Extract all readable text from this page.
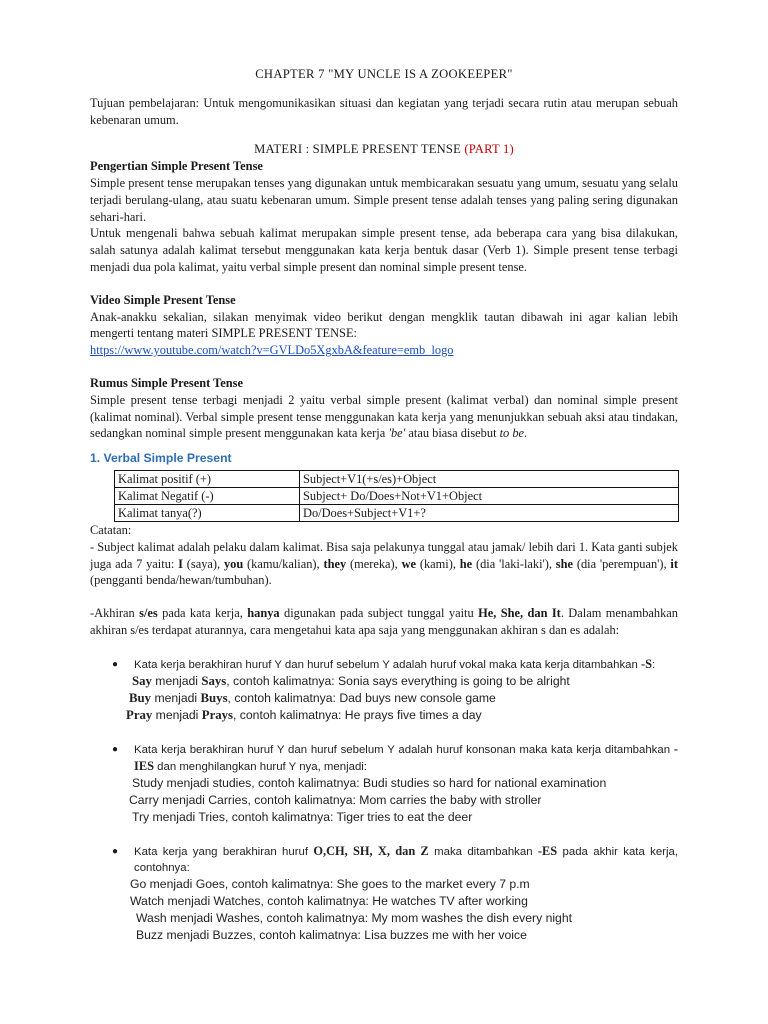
CHAPTER 7 "MY UNCLE IS A ZOOKEEPER"

Tujuan pembelajaran: Untuk mengomunikasikan situasi dan kegiatan yang terjadi secara rutin atau merupan sebuah kebenaran umum.

MATERI : SIMPLE PRESENT TENSE (PART 1)

Pengertian Simple Present Tense

Simple present tense merupakan tenses yang digunakan untuk membicarakan sesuatu yang umum, sesuatu yang selalu terjadi berulang-ulang, atau suatu kebenaran umum. Simple present tense adalah tenses yang paling sering digunakan sehari-hari.

Untuk mengenali bahwa sebuah kalimat merupakan simple present tense, ada beberapa cara yang bisa dilakukan, salah satunya adalah kalimat tersebut menggunakan kata kerja bentuk dasar (Verb 1). Simple present tense terbagi menjadi dua pola kalimat, yaitu verbal simple present dan nominal simple present tense.

Video Simple Present Tense

Anak-anakku sekalian, silakan menyimak video berikut dengan mengklik tautan dibawah ini agar kalian lebih mengerti tentang materi SIMPLE PRESENT TENSE:

https://www.youtube.com/watch?v=GVLDo5XgxbA&feature=emb_logo

Rumus Simple Present Tense

Simple present tense terbagi menjadi 2 yaitu verbal simple present (kalimat verbal) dan nominal simple present (kalimat nominal). Verbal simple present tense menggunakan kata kerja yang menunjukkan sebuah aksi atau tindakan, sedangkan nominal simple present menggunakan kata kerja 'be' atau biasa disebut to be.

1. Verbal Simple Present

Kalimat positif (+)	Subject+V1(+s/es)+Object
Kalimat Negatif (-)	Subject+ Do/Does+Not+V1+Object
Kalimat tanya(?)	Do/Does+Subject+V1+?

Catatan:

- Subject kalimat adalah pelaku dalam kalimat. Bisa saja pelakunya tunggal atau jamak/ lebih dari 1. Kata ganti subjek juga ada 7 yaitu: I (saya), you (kamu/kalian), they (mereka), we (kami), he (dia 'laki-laki'), she (dia 'perempuan'), it (pengganti benda/hewan/tumbuhan).

-Akhiran s/es pada kata kerja, hanya digunakan pada subject tunggal yaitu He, She, dan It. Dalam menambahkan akhiran s/es terdapat aturannya, cara mengetahui kata apa saja yang menggunakan akhiran s dan es adalah:

● Kata kerja berakhiran huruf Y dan huruf sebelum Y adalah huruf vokal maka kata kerja ditambahkan -S:

Say menjadi Says, contoh kalimatnya: Sonia says everything is going to be alright

Buy menjadi Buys, contoh kalimatnya: Dad buys new console game

Pray menjadi Prays, contoh kalimatnya: He prays five times a day

● Kata kerja berakhiran huruf Y dan huruf sebelum Y adalah huruf konsonan maka kata kerja ditambahkan -IES dan menghilangkan huruf Y nya, menjadi:

Study menjadi studies, contoh kalimatnya: Budi studies so hard for national examination

Carry menjadi Carries, contoh kalimatnya: Mom carries the baby with stroller

Try menjadi Tries, contoh kalimatnya: Tiger tries to eat the deer

● Kata kerja yang berakhiran huruf O,CH, SH, X, dan Z maka ditambahkan -ES pada akhir kata kerja, contohnya:

Go menjadi Goes, contoh kalimatnya: She goes to the market every 7 p.m

Watch menjadi Watches, contoh kalimatnya: He watches TV after working

Wash menjadi Washes, contoh kalimatnya: My mom washes the dish every night

Buzz menjadi Buzzes, contoh kalimatnya: Lisa buzzes me with her voice
